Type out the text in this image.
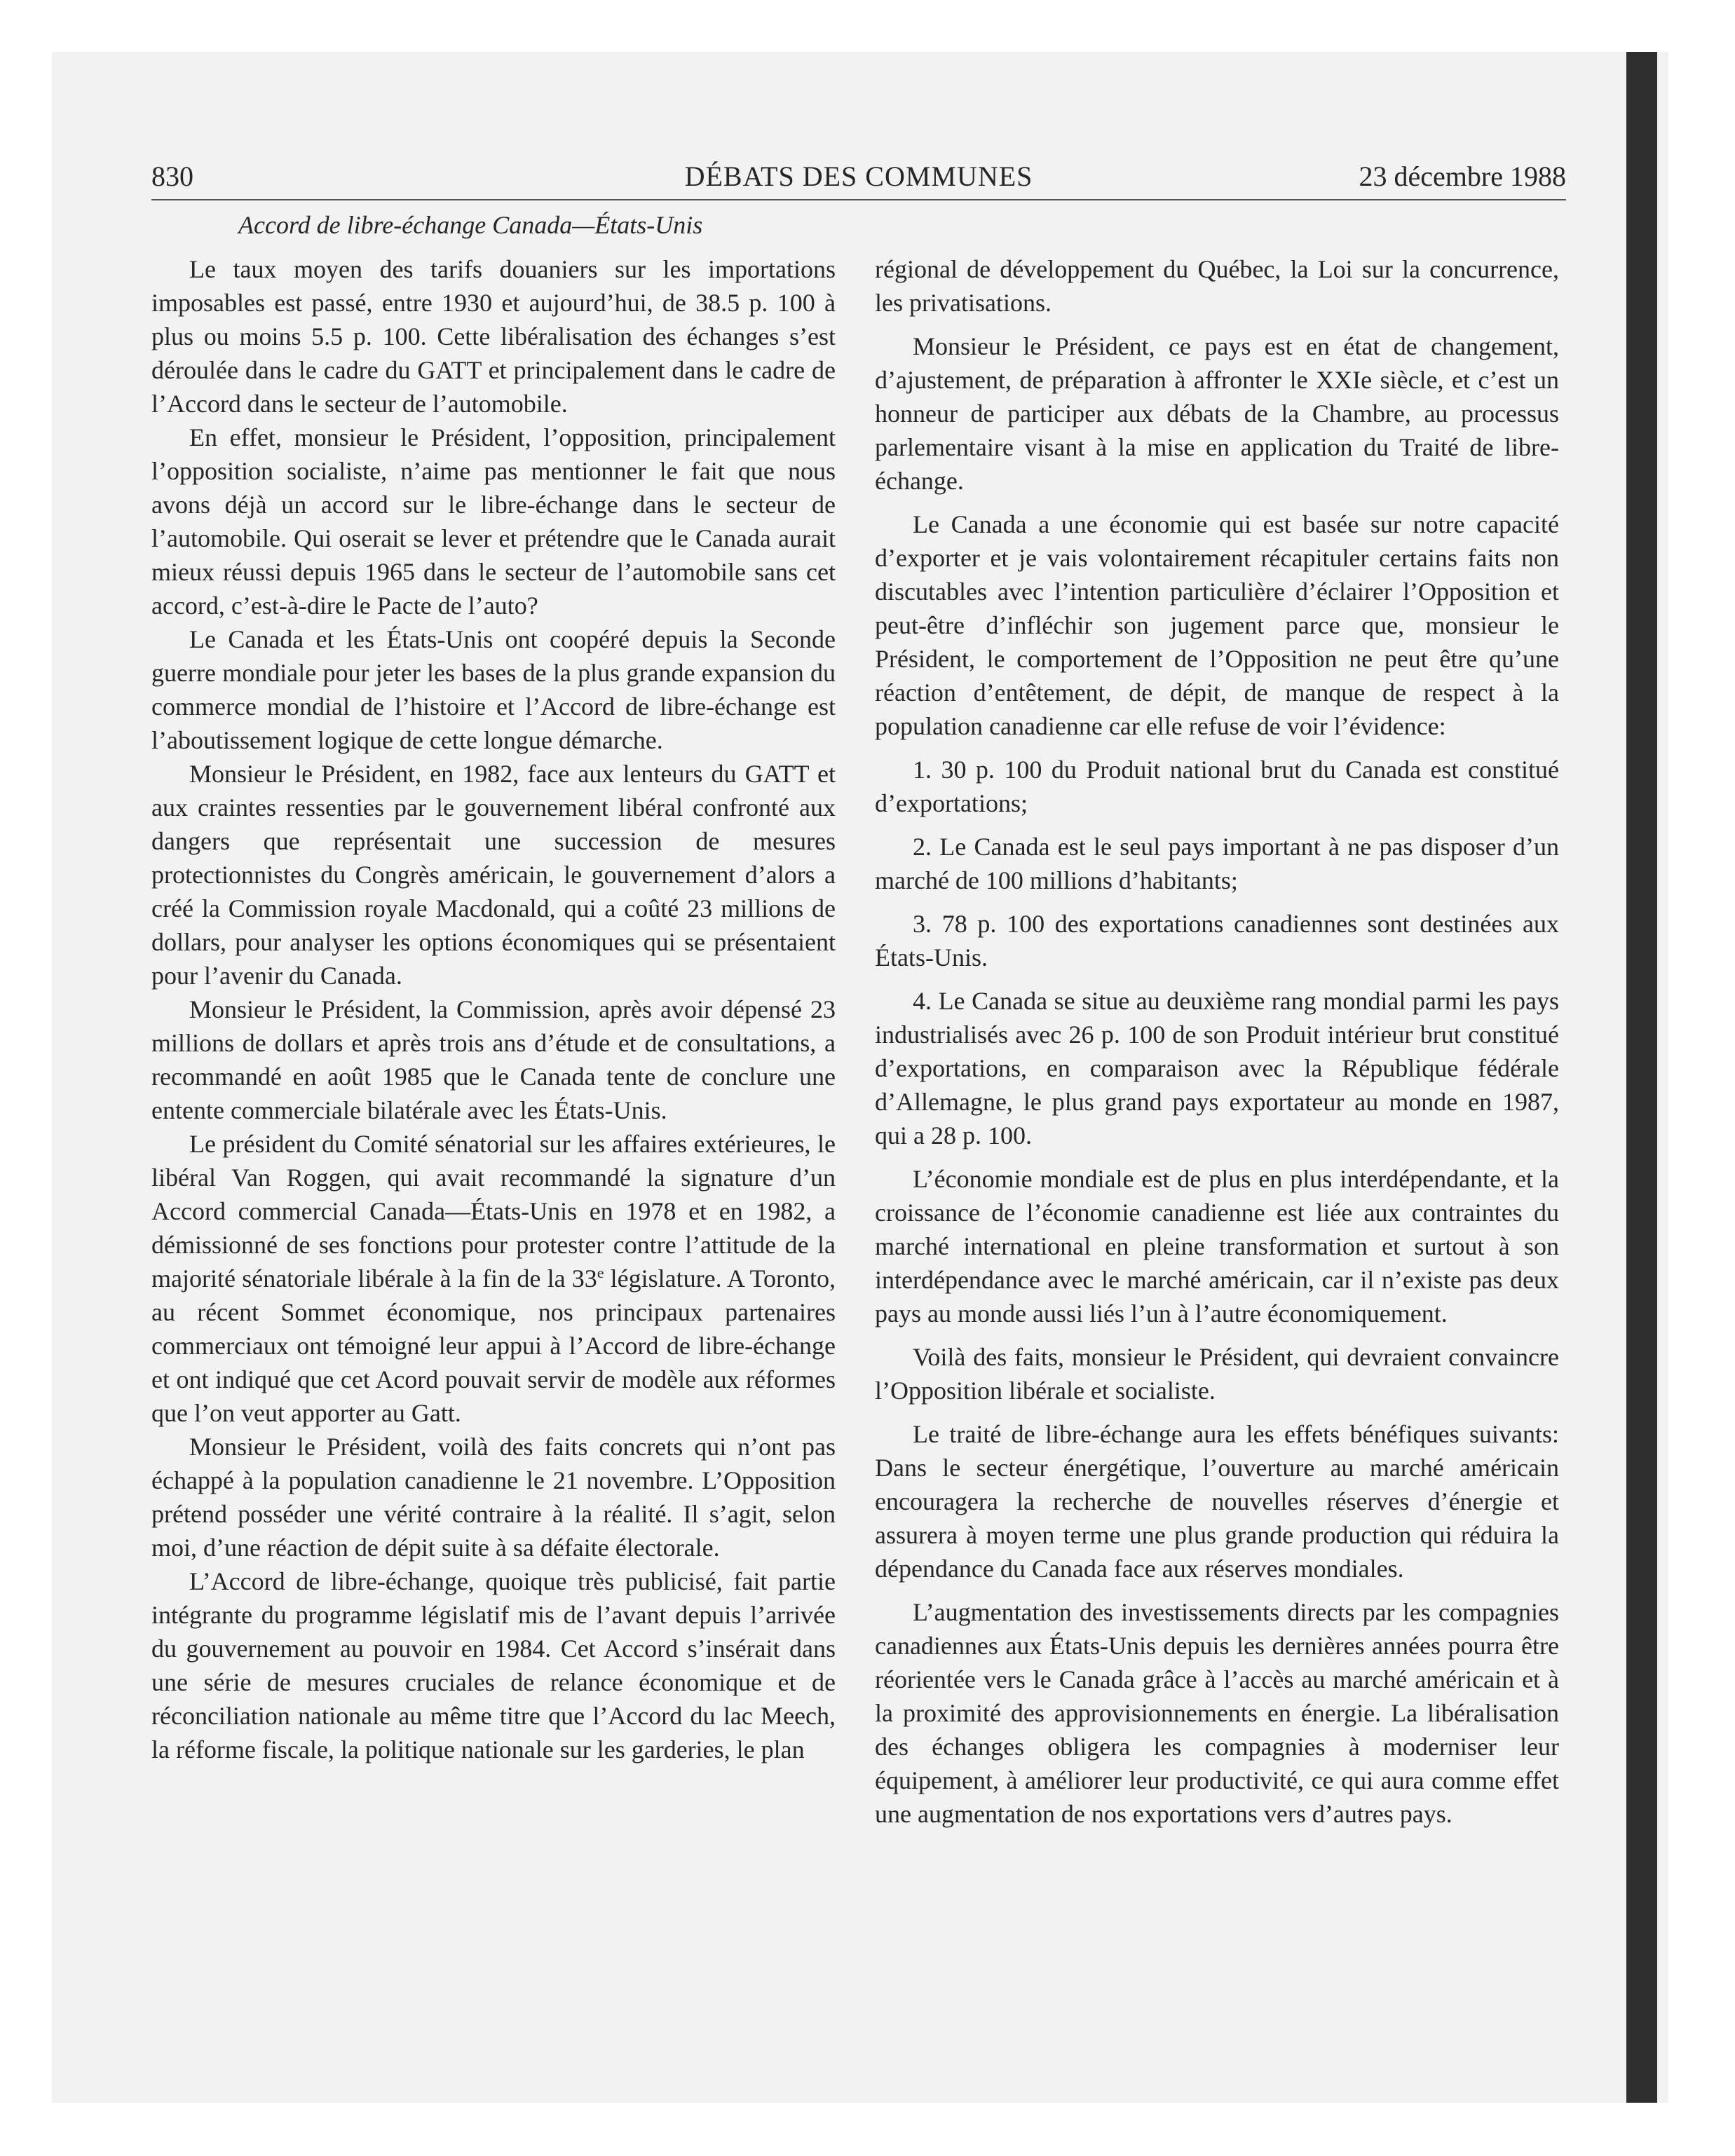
830	DÉBATS DES COMMUNES	23 décembre 1988
Accord de libre-échange Canada—États-Unis

Le taux moyen des tarifs douaniers sur les importations imposables est passé, entre 1930 et aujourd’hui, de 38.5 p. 100 à plus ou moins 5.5 p. 100. Cette libéralisation des échanges s’est déroulée dans le cadre du GATT et principalement dans le cadre de l’Accord dans le secteur de l’automobile.

En effet, monsieur le Président, l’opposition, principalement l’opposition socialiste, n’aime pas mentionner le fait que nous avons déjà un accord sur le libre-échange dans le secteur de l’automobile. Qui oserait se lever et prétendre que le Canada aurait mieux réussi depuis 1965 dans le secteur de l’automobile sans cet accord, c’est-à-dire le Pacte de l’auto?

Le Canada et les États-Unis ont coopéré depuis la Seconde guerre mondiale pour jeter les bases de la plus grande expansion du commerce mondial de l’histoire et l’Accord de libre-échange est l’aboutissement logique de cette longue démarche.

Monsieur le Président, en 1982, face aux lenteurs du GATT et aux craintes ressenties par le gouvernement libéral confronté aux dangers que représentait une succession de mesures protectionnistes du Congrès américain, le gouvernement d’alors a créé la Commission royale Macdonald, qui a coûté 23 millions de dollars, pour analyser les options économiques qui se présentaient pour l’avenir du Canada.

Monsieur le Président, la Commission, après avoir dépensé 23 millions de dollars et après trois ans d’étude et de consultations, a recommandé en août 1985 que le Canada tente de conclure une entente commerciale bilatérale avec les États-Unis.

Le président du Comité sénatorial sur les affaires extérieures, le libéral Van Roggen, qui avait recommandé la signature d’un Accord commercial Canada—États-Unis en 1978 et en 1982, a démissionné de ses fonctions pour protester contre l’attitude de la majorité sénatoriale libérale à la fin de la 33e législature. A Toronto, au récent Sommet économique, nos principaux partenaires commerciaux ont témoigné leur appui à l’Accord de libre-échange et ont indiqué que cet Acord pouvait servir de modèle aux réformes que l’on veut apporter au Gatt.

Monsieur le Président, voilà des faits concrets qui n’ont pas échappé à la population canadienne le 21 novembre. L’Opposition prétend posséder une vérité contraire à la réalité. Il s’agit, selon moi, d’une réaction de dépit suite à sa défaite électorale.

L’Accord de libre-échange, quoique très publicisé, fait partie intégrante du programme législatif mis de l’avant depuis l’arrivée du gouvernement au pouvoir en 1984. Cet Accord s’insérait dans une série de mesures cruciales de relance économique et de réconciliation nationale au même titre que l’Accord du lac Meech, la réforme fiscale, la politique nationale sur les garderies, le plan

régional de développement du Québec, la Loi sur la concurrence, les privatisations.

Monsieur le Président, ce pays est en état de changement, d’ajustement, de préparation à affronter le XXIe siècle, et c’est un honneur de participer aux débats de la Chambre, au processus parlementaire visant à la mise en application du Traité de libre-échange.

Le Canada a une économie qui est basée sur notre capacité d’exporter et je vais volontairement récapituler certains faits non discutables avec l’intention particulière d’éclairer l’Opposition et peut-être d’infléchir son jugement parce que, monsieur le Président, le comportement de l’Opposition ne peut être qu’une réaction d’entêtement, de dépit, de manque de respect à la population canadienne car elle refuse de voir l’évidence:

1. 30 p. 100 du Produit national brut du Canada est constitué d’exportations;

2. Le Canada est le seul pays important à ne pas disposer d’un marché de 100 millions d’habitants;

3. 78 p. 100 des exportations canadiennes sont destinées aux États-Unis.

4. Le Canada se situe au deuxième rang mondial parmi les pays industrialisés avec 26 p. 100 de son Produit intérieur brut constitué d’exportations, en comparaison avec la République fédérale d’Allemagne, le plus grand pays exportateur au monde en 1987, qui a 28 p. 100.

L’économie mondiale est de plus en plus interdépendante, et la croissance de l’économie canadienne est liée aux contraintes du marché international en pleine transformation et surtout à son interdépendance avec le marché américain, car il n’existe pas deux pays au monde aussi liés l’un à l’autre économiquement.

Voilà des faits, monsieur le Président, qui devraient convaincre l’Opposition libérale et socialiste.

Le traité de libre-échange aura les effets bénéfiques suivants: Dans le secteur énergétique, l’ouverture au marché américain encouragera la recherche de nouvelles réserves d’énergie et assurera à moyen terme une plus grande production qui réduira la dépendance du Canada face aux réserves mondiales.

L’augmentation des investissements directs par les compagnies canadiennes aux États-Unis depuis les dernières années pourra être réorientée vers le Canada grâce à l’accès au marché américain et à la proximité des approvisionnements en énergie. La libéralisation des échanges obligera les compagnies à moderniser leur équipement, à améliorer leur productivité, ce qui aura comme effet une augmentation de nos exportations vers d’autres pays.
